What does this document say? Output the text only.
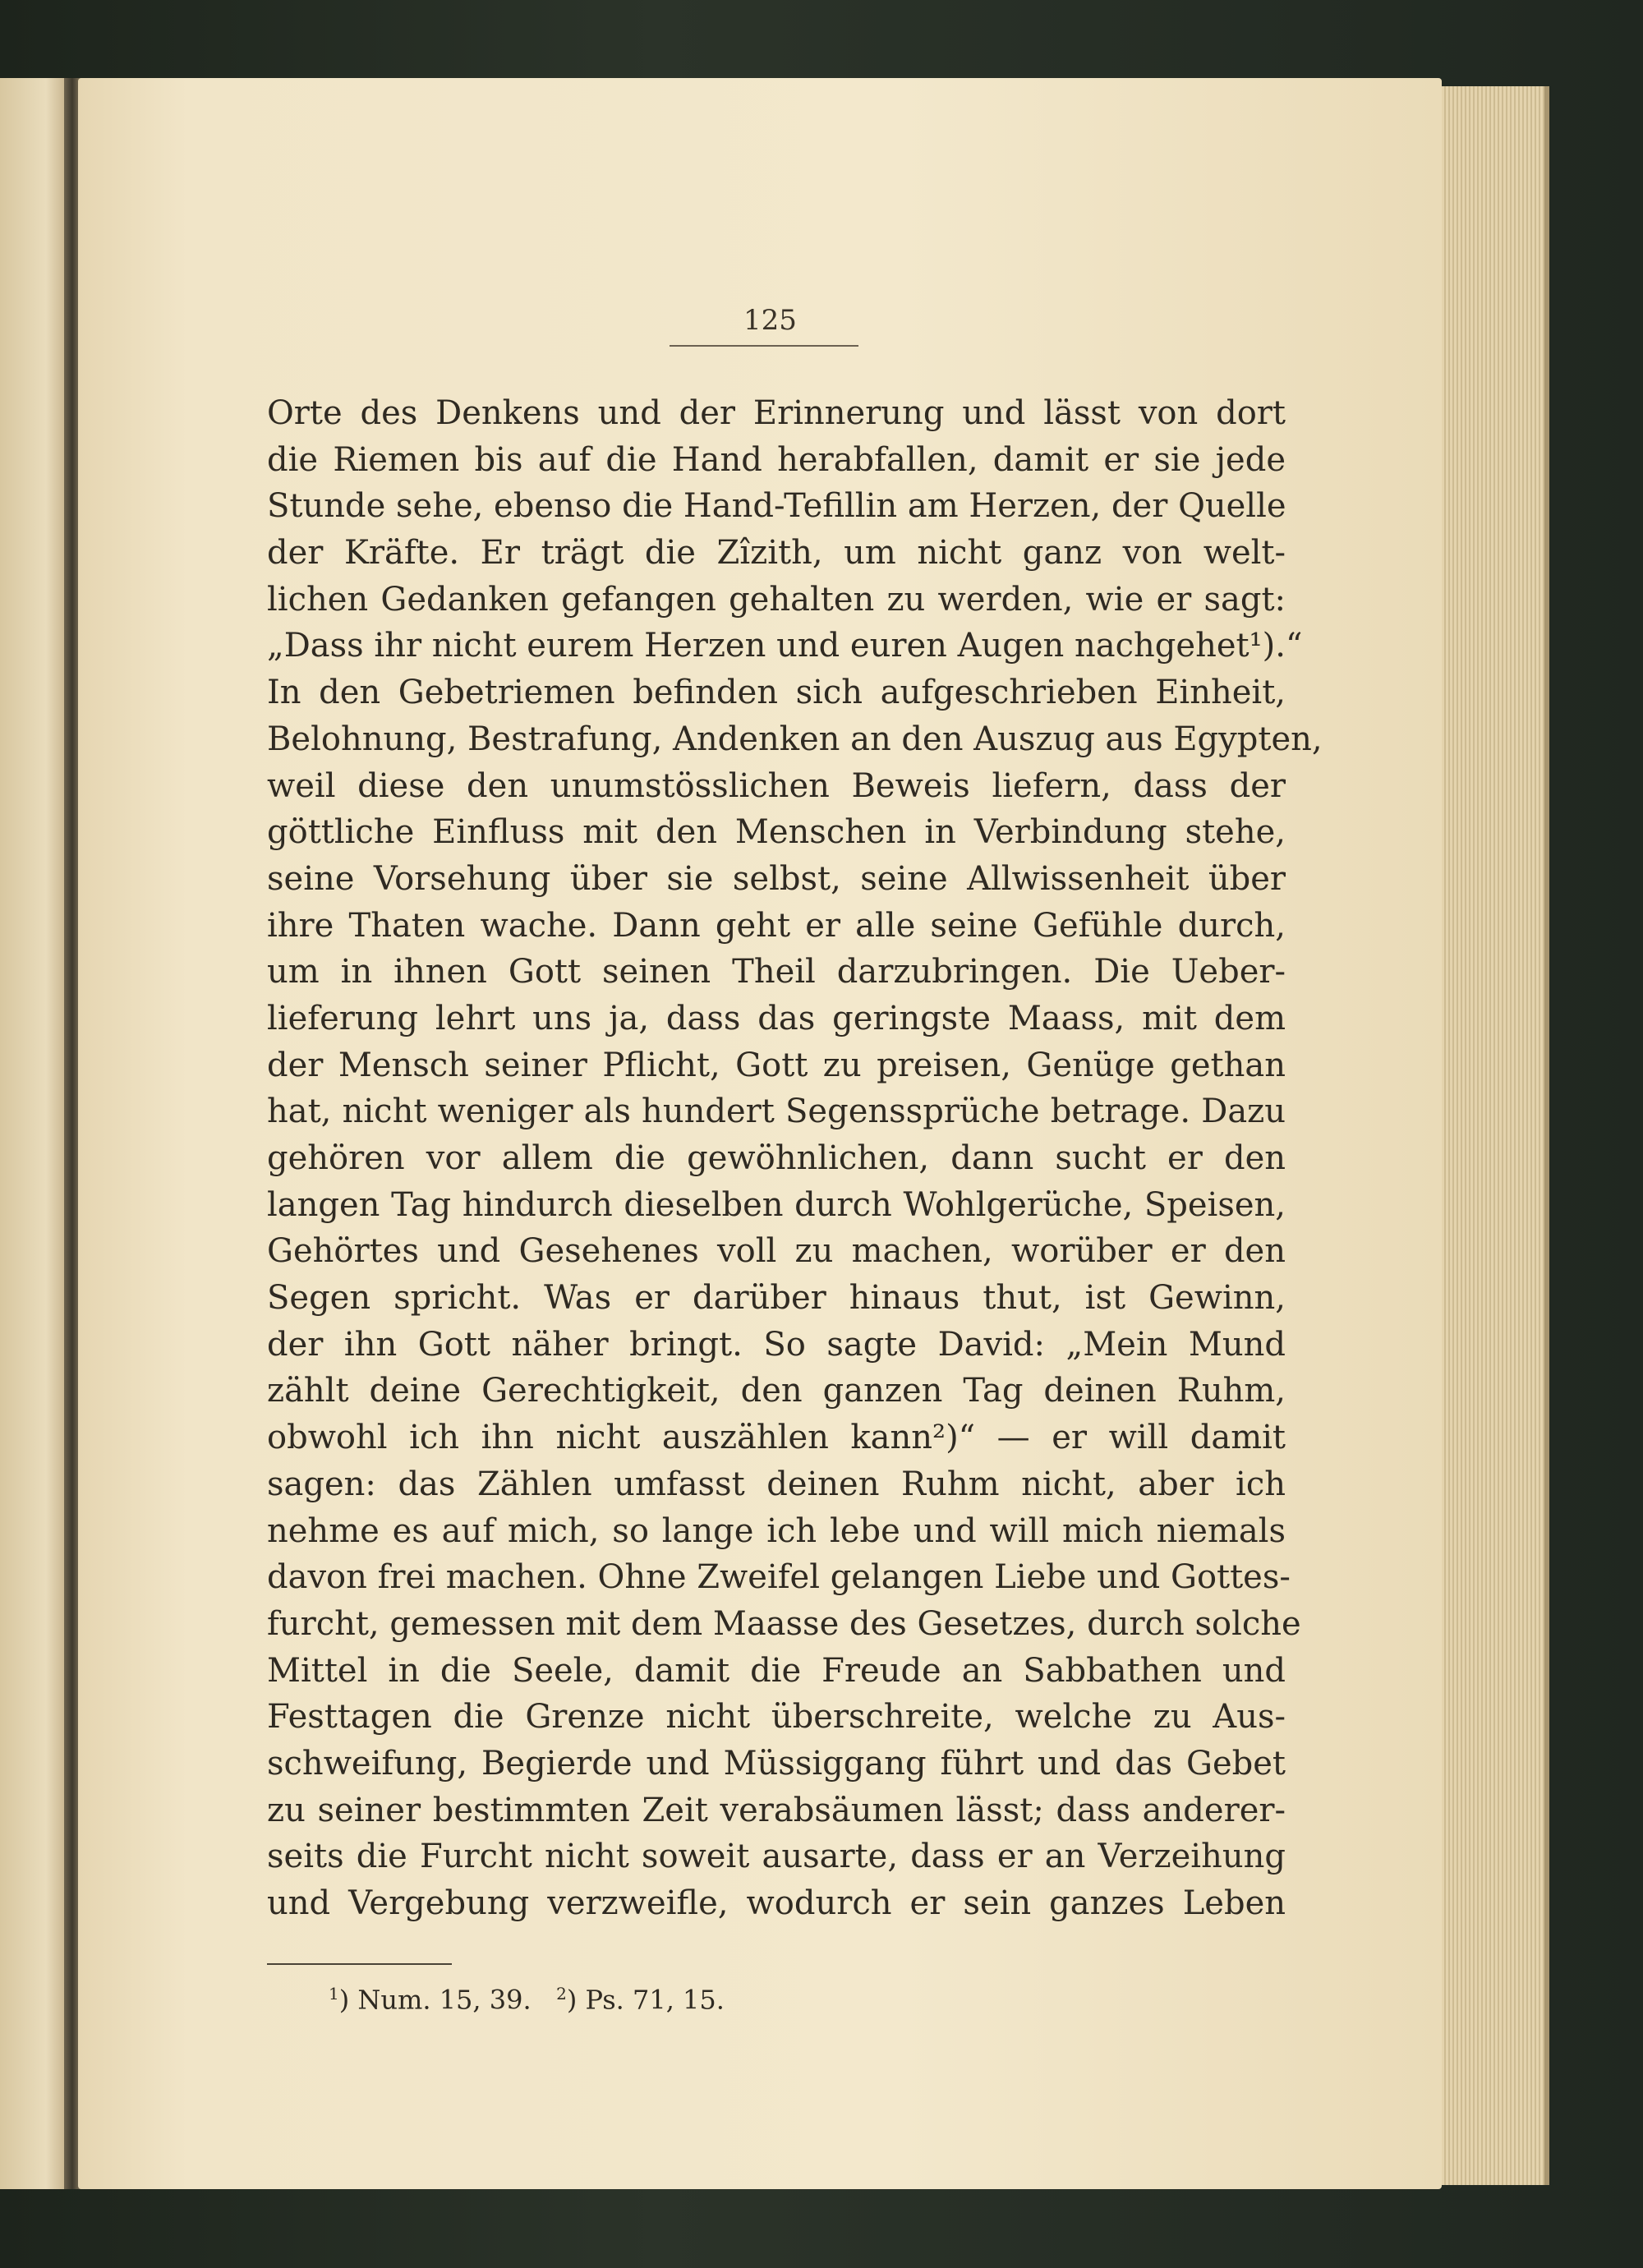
125
Orte des Denkens und der Erinnerung und lässt von dort
die Riemen bis auf die Hand herabfallen, damit er sie jede
Stunde sehe, ebenso die Hand-Tefillin am Herzen, der Quelle
der Kräfte. Er trägt die Zîzith, um nicht ganz von welt-
lichen Gedanken gefangen gehalten zu werden, wie er sagt:
„Dass ihr nicht eurem Herzen und euren Augen nachgehet¹).“
In den Gebetriemen befinden sich aufgeschrieben Einheit,
Belohnung, Bestrafung, Andenken an den Auszug aus Egypten,
weil diese den unumstösslichen Beweis liefern, dass der
göttliche Einfluss mit den Menschen in Verbindung stehe,
seine Vorsehung über sie selbst, seine Allwissenheit über
ihre Thaten wache. Dann geht er alle seine Gefühle durch,
um in ihnen Gott seinen Theil darzubringen. Die Ueber-
lieferung lehrt uns ja, dass das geringste Maass, mit dem
der Mensch seiner Pflicht, Gott zu preisen, Genüge gethan
hat, nicht weniger als hundert Segenssprüche betrage. Dazu
gehören vor allem die gewöhnlichen, dann sucht er den
langen Tag hindurch dieselben durch Wohlgerüche, Speisen,
Gehörtes und Gesehenes voll zu machen, worüber er den
Segen spricht. Was er darüber hinaus thut, ist Gewinn,
der ihn Gott näher bringt. So sagte David: „Mein Mund
zählt deine Gerechtigkeit, den ganzen Tag deinen Ruhm,
obwohl ich ihn nicht auszählen kann²)“ — er will damit
sagen: das Zählen umfasst deinen Ruhm nicht, aber ich
nehme es auf mich, so lange ich lebe und will mich niemals
davon frei machen. Ohne Zweifel gelangen Liebe und Gottes-
furcht, gemessen mit dem Maasse des Gesetzes, durch solche
Mittel in die Seele, damit die Freude an Sabbathen und
Festtagen die Grenze nicht überschreite, welche zu Aus-
schweifung, Begierde und Müssiggang führt und das Gebet
zu seiner bestimmten Zeit verabsäumen lässt; dass anderer-
seits die Furcht nicht soweit ausarte, dass er an Verzeihung
und Vergebung verzweifle, wodurch er sein ganzes Leben
$^1$) Num. 15, 39. $^2$) Ps. 71, 15.
